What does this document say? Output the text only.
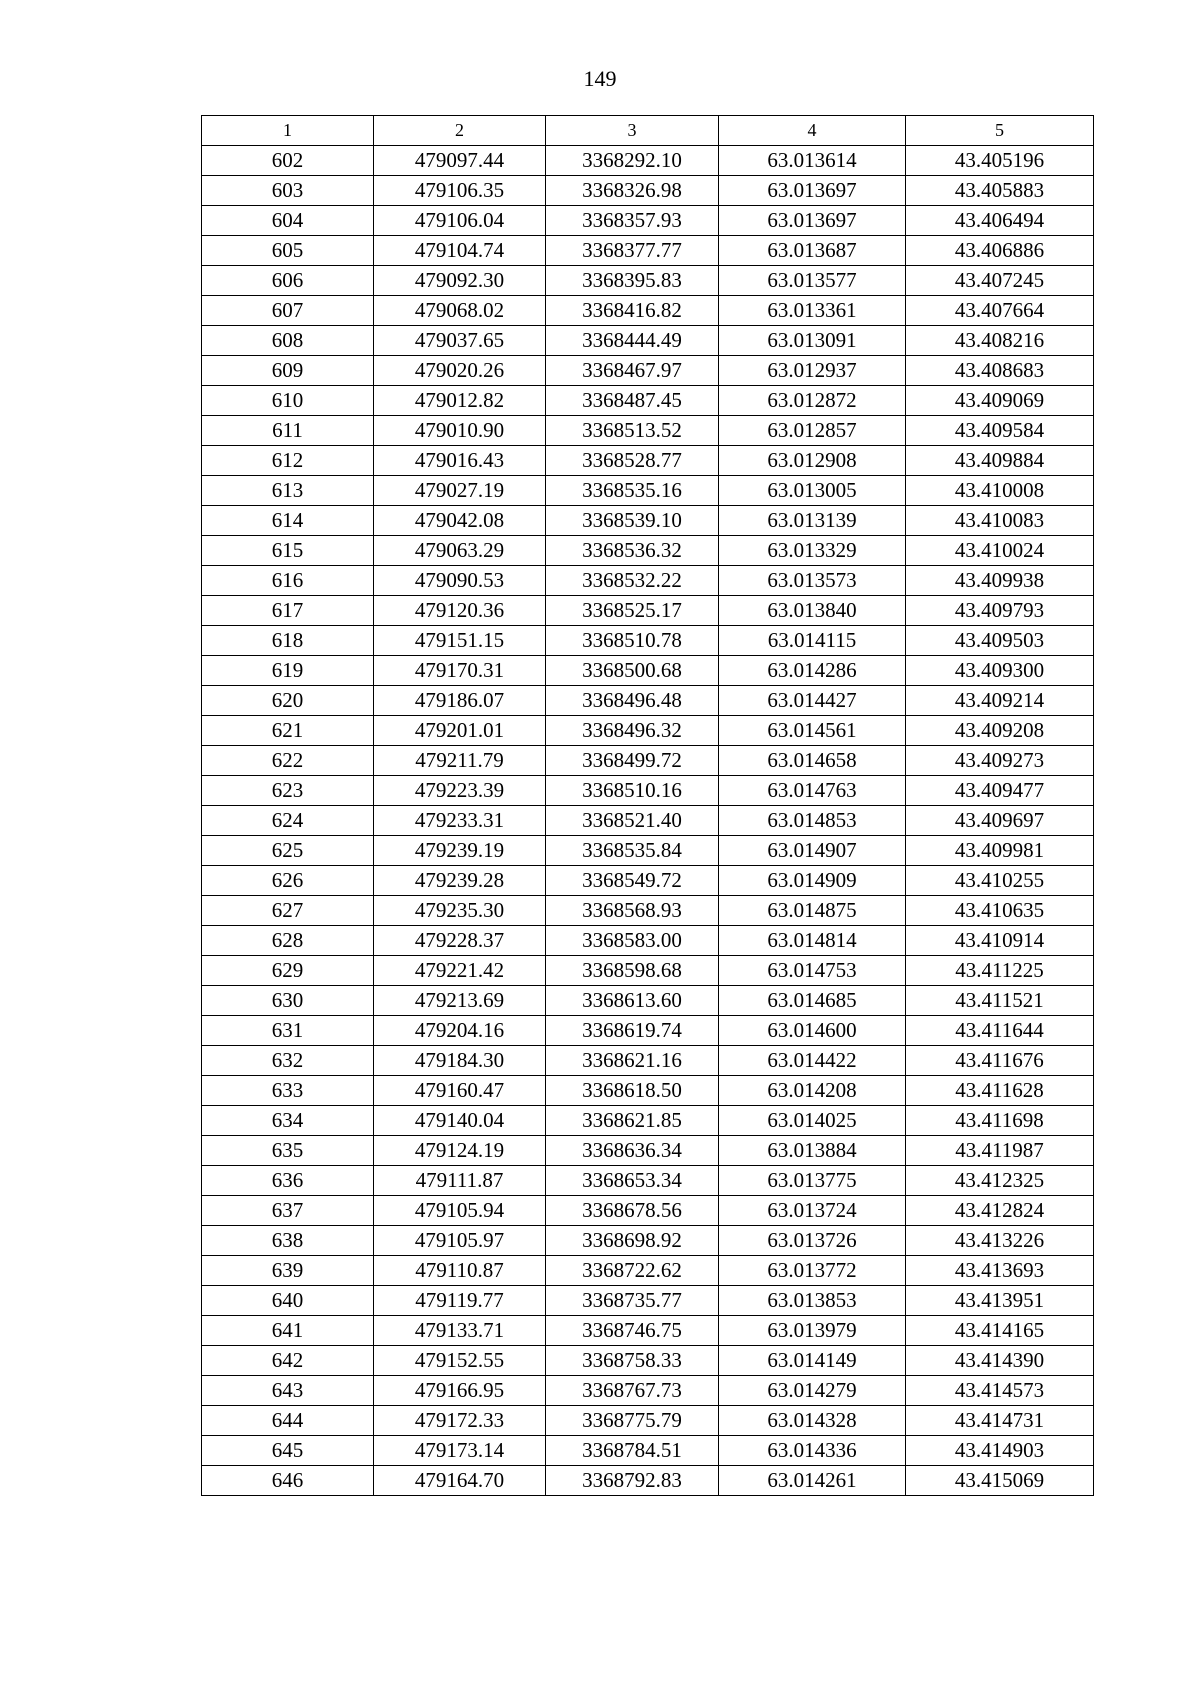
149
1	2	3	4	5
602	479097.44	3368292.10	63.013614	43.405196
603	479106.35	3368326.98	63.013697	43.405883
604	479106.04	3368357.93	63.013697	43.406494
605	479104.74	3368377.77	63.013687	43.406886
606	479092.30	3368395.83	63.013577	43.407245
607	479068.02	3368416.82	63.013361	43.407664
608	479037.65	3368444.49	63.013091	43.408216
609	479020.26	3368467.97	63.012937	43.408683
610	479012.82	3368487.45	63.012872	43.409069
611	479010.90	3368513.52	63.012857	43.409584
612	479016.43	3368528.77	63.012908	43.409884
613	479027.19	3368535.16	63.013005	43.410008
614	479042.08	3368539.10	63.013139	43.410083
615	479063.29	3368536.32	63.013329	43.410024
616	479090.53	3368532.22	63.013573	43.409938
617	479120.36	3368525.17	63.013840	43.409793
618	479151.15	3368510.78	63.014115	43.409503
619	479170.31	3368500.68	63.014286	43.409300
620	479186.07	3368496.48	63.014427	43.409214
621	479201.01	3368496.32	63.014561	43.409208
622	479211.79	3368499.72	63.014658	43.409273
623	479223.39	3368510.16	63.014763	43.409477
624	479233.31	3368521.40	63.014853	43.409697
625	479239.19	3368535.84	63.014907	43.409981
626	479239.28	3368549.72	63.014909	43.410255
627	479235.30	3368568.93	63.014875	43.410635
628	479228.37	3368583.00	63.014814	43.410914
629	479221.42	3368598.68	63.014753	43.411225
630	479213.69	3368613.60	63.014685	43.411521
631	479204.16	3368619.74	63.014600	43.411644
632	479184.30	3368621.16	63.014422	43.411676
633	479160.47	3368618.50	63.014208	43.411628
634	479140.04	3368621.85	63.014025	43.411698
635	479124.19	3368636.34	63.013884	43.411987
636	479111.87	3368653.34	63.013775	43.412325
637	479105.94	3368678.56	63.013724	43.412824
638	479105.97	3368698.92	63.013726	43.413226
639	479110.87	3368722.62	63.013772	43.413693
640	479119.77	3368735.77	63.013853	43.413951
641	479133.71	3368746.75	63.013979	43.414165
642	479152.55	3368758.33	63.014149	43.414390
643	479166.95	3368767.73	63.014279	43.414573
644	479172.33	3368775.79	63.014328	43.414731
645	479173.14	3368784.51	63.014336	43.414903
646	479164.70	3368792.83	63.014261	43.415069
